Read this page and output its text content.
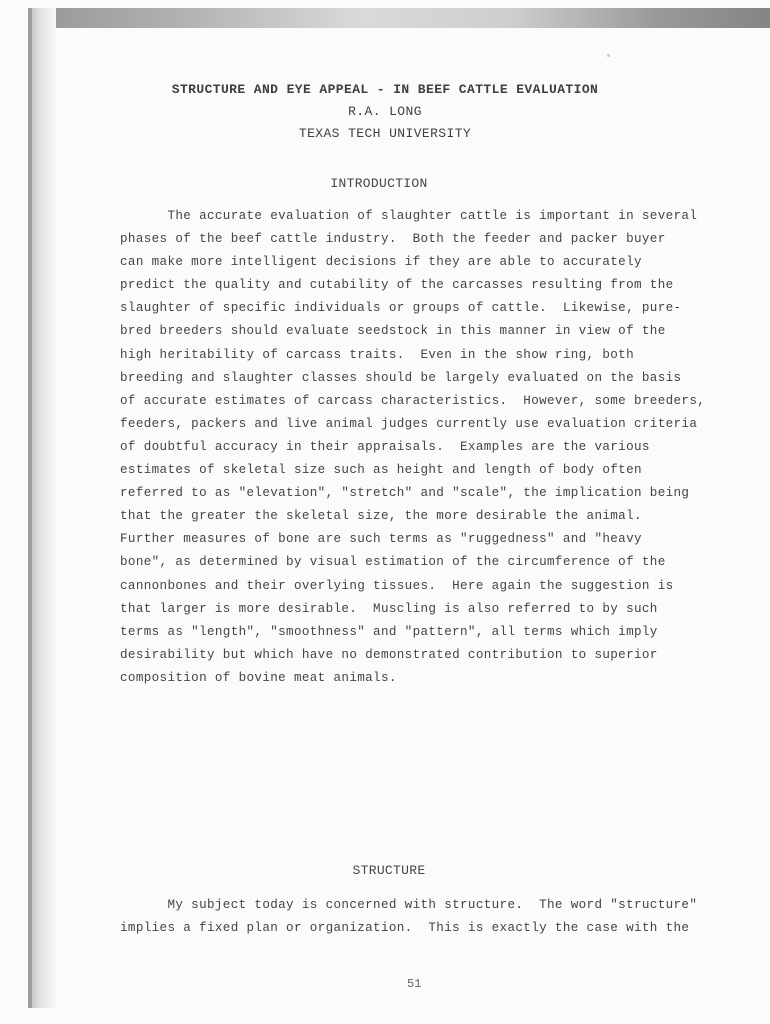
STRUCTURE AND EYE APPEAL - IN BEEF CATTLE EVALUATION
R.A. LONG
TEXAS TECH UNIVERSITY
INTRODUCTION

The accurate evaluation of slaughter cattle is important in several
phases of the beef cattle industry.  Both the feeder and packer buyer
can make more intelligent decisions if they are able to accurately
predict the quality and cutability of the carcasses resulting from the
slaughter of specific individuals or groups of cattle.  Likewise, pure-
bred breeders should evaluate seedstock in this manner in view of the
high heritability of carcass traits.  Even in the show ring, both
breeding and slaughter classes should be largely evaluated on the basis
of accurate estimates of carcass characteristics.  However, some breeders,
feeders, packers and live animal judges currently use evaluation criteria
of doubtful accuracy in their appraisals.  Examples are the various
estimates of skeletal size such as height and length of body often
referred to as "elevation", "stretch" and "scale", the implication being
that the greater the skeletal size, the more desirable the animal.
Further measures of bone are such terms as "ruggedness" and "heavy
bone", as determined by visual estimation of the circumference of the
cannonbones and their overlying tissues.  Here again the suggestion is
that larger is more desirable.  Muscling is also referred to by such
terms as "length", "smoothness" and "pattern", all terms which imply
desirability but which have no demonstrated contribution to superior
composition of bovine meat animals.

STRUCTURE

My subject today is concerned with structure.  The word "structure"
implies a fixed plan or organization.  This is exactly the case with the

51
